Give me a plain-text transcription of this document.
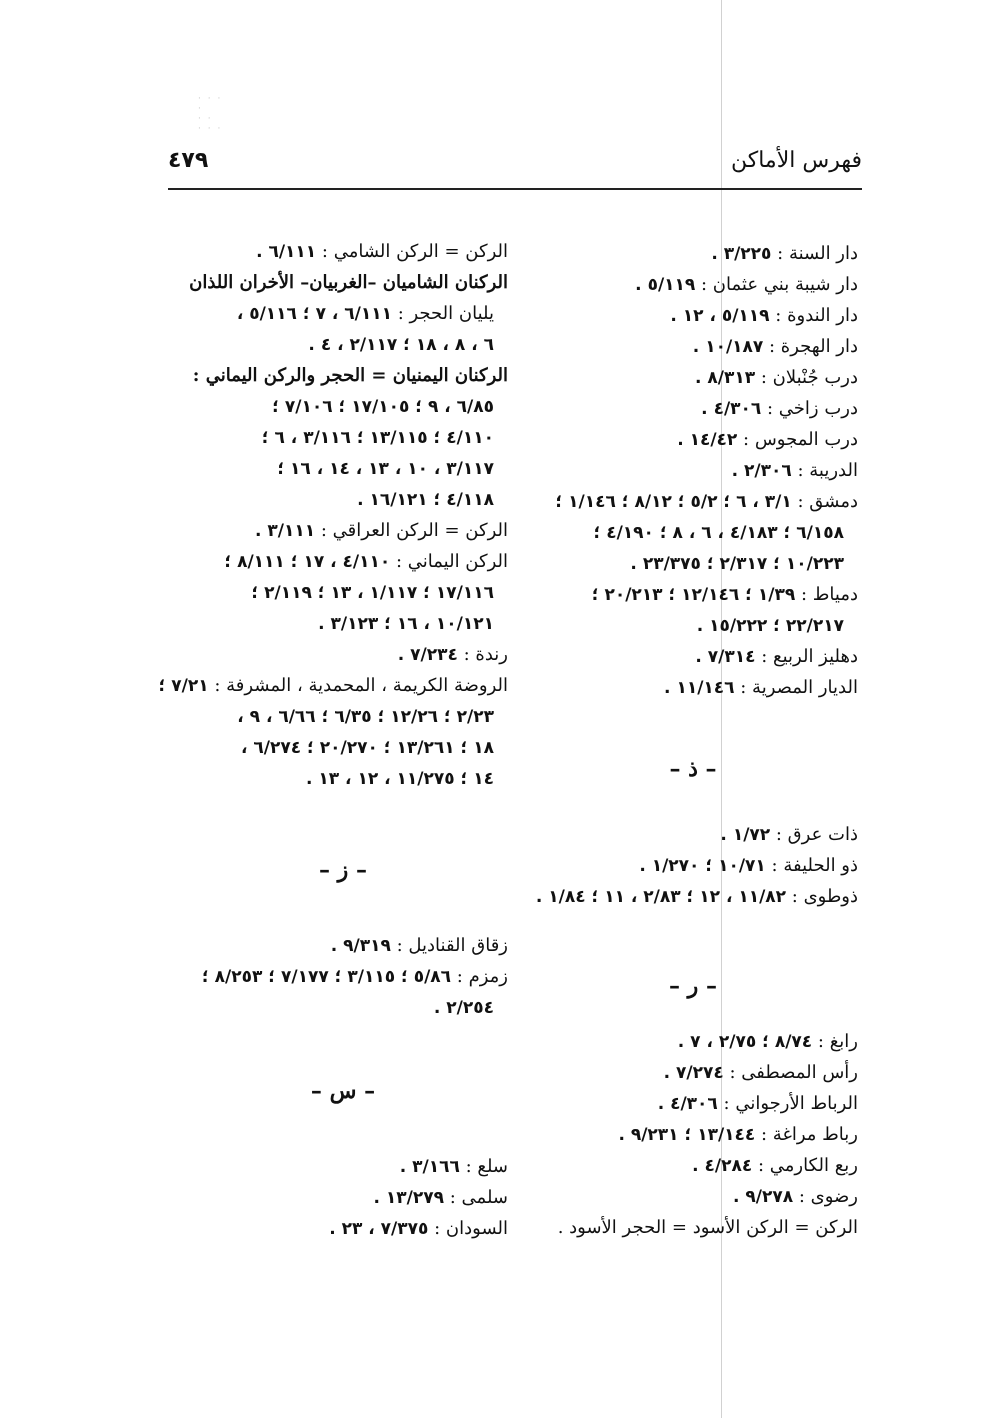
· · · ·
· ·
· · ·
فهرس الأماكن
٤٧٩
دار السنة : ٣/٢٢٥ .
دار شيبة بني عثمان : ٥/١١٩ .
دار الندوة : ٥/١١٩ ، ١٢ .
دار الهجرة : ١٠/١٨٧ .
درب جُنْبلان : ٨/٣١٣ .
درب زاخي : ٤/٣٠٦ .
درب المجوس : ١٤/٤٢ .
الدريبة : ٢/٣٠٦ .
دمشق : ٣/١ ، ٦ ؛ ٥/٢ ؛ ٨/١٢ ؛ ١/١٤٦ ؛
٦/١٥٨ ؛ ٤/١٨٣ ، ٦ ، ٨ ؛ ٤/١٩٠ ؛
١٠/٢٢٣ ؛ ٢/٣١٧ ؛ ٢٣/٣٧٥ .
دمياط : ١/٣٩ ؛ ١٢/١٤٦ ؛ ٢٠/٢١٣ ؛
٢٢/٢١٧ ؛ ١٥/٢٢٢ .
دهليز الربيع : ٧/٣١٤ .
الديار المصرية : ١١/١٤٦ .
– ذ –
ذات عرق : ١/٧٢ .
ذو الحليفة : ١٠/٧١ ؛ ١/٢٧٠ .
ذوطوى : ١١/٨٢ ، ١٢ ؛ ٢/٨٣ ، ١١ ؛ ١/٨٤ .
– ر –
رابغ : ٨/٧٤ ؛ ٢/٧٥ ، ٧ .
رأس المصطفى : ٧/٢٧٤ .
الرباط الأرجواني : ٤/٣٠٦ .
رباط مراغة : ١٣/١٤٤ ؛ ٩/٢٣١ .
ربع الكارمي : ٤/٢٨٤ .
رضوى : ٩/٢٧٨ .
الركن = الركن الأسود = الحجر الأسود .
الركن = الركن الشامي : ٦/١١١ .
الركنان الشاميان –الغربيان– الأخران اللذان
يليان الحجر : ٦/١١١ ، ٧ ؛ ٥/١١٦ ،
٦ ، ٨ ، ١٨ ؛ ٢/١١٧ ، ٤ .
الركنان اليمنيان = الحجر والركن اليماني :
٦/٨٥ ، ٩ ؛ ١٧/١٠٥ ؛ ٧/١٠٦ ؛
٤/١١٠ ؛ ١٣/١١٥ ؛ ٣/١١٦ ، ٦ ؛
٣/١١٧ ، ١٠ ، ١٣ ، ١٤ ، ١٦ ؛
٤/١١٨ ؛ ١٦/١٢١ .
الركن = الركن العراقي : ٣/١١١ .
الركن اليماني : ٤/١١٠ ، ١٧ ؛ ٨/١١١ ؛
١٧/١١٦ ؛ ١/١١٧ ، ١٣ ؛ ٢/١١٩ ؛
١٠/١٢١ ، ١٦ ؛ ٣/١٢٣ .
رندة : ٧/٢٣٤ .
الروضة الكريمة ، المحمدية ، المشرفة : ٧/٢١ ؛
٢/٢٣ ؛ ١٢/٢٦ ؛ ٦/٣٥ ؛ ٦/٦٦ ، ٩ ،
١٨ ؛ ١٣/٢٦١ ؛ ٢٠/٢٧٠ ؛ ٦/٢٧٤ ،
١٤ ؛ ١١/٢٧٥ ، ١٢ ، ١٣ .
– ز –
زقاق القناديل : ٩/٣١٩ .
زمزم : ٥/٨٦ ؛ ٣/١١٥ ؛ ٧/١٧٧ ؛ ٨/٢٥٣ ؛
٢/٢٥٤ .
– س –
سلع : ٣/١٦٦ .
سلمى : ١٣/٢٧٩ .
السودان : ٧/٣٧٥ ، ٢٣ .
